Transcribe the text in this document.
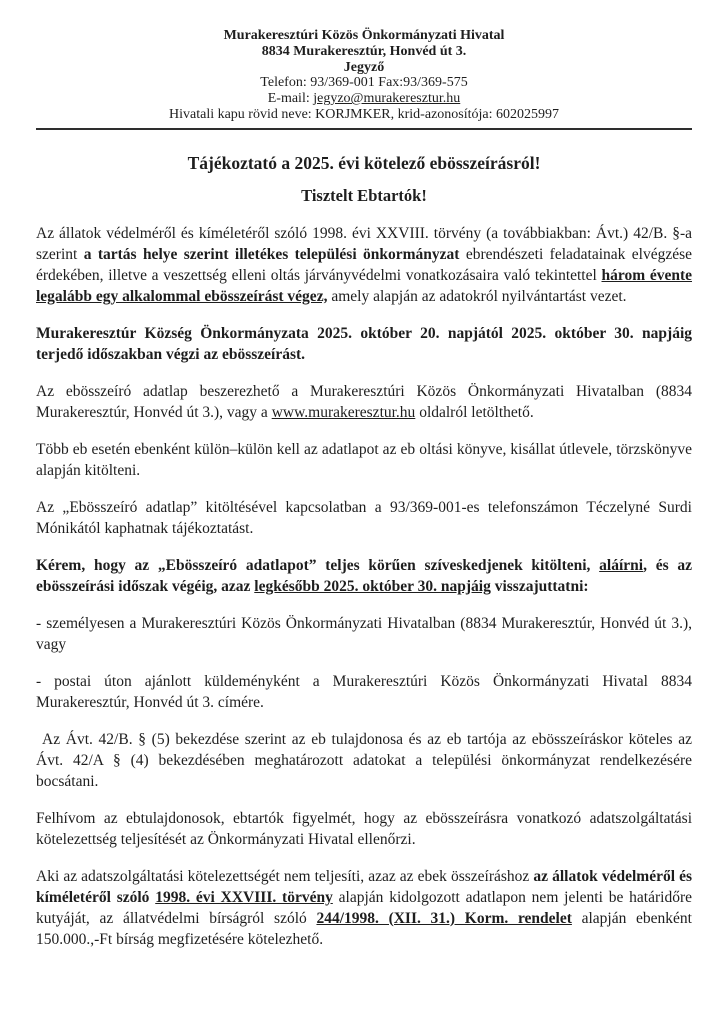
Murakeresztúri Közös Önkormányzati Hivatal
8834 Murakeresztúr, Honvéd út 3.
Jegyző
Telefon: 93/369-001 Fax:93/369-575
E-mail: jegyzo@murakeresztur.hu
Hivatali kapu rövid neve: KORJMKER, krid-azonosítója: 602025997
Tájékoztató a 2025. évi kötelező ebösszeírásról!
Tisztelt Ebtartók!

Az állatok védelméről és kíméletéről szóló 1998. évi XXVIII. törvény (a továbbiakban: Ávt.) 42/B. §-a szerint a tartás helye szerint illetékes települési önkormányzat ebrendészeti feladatainak elvégzése érdekében, illetve a veszettség elleni oltás járványvédelmi vonatkozásaira való tekintettel három évente legalább egy alkalommal ebösszeírást végez, amely alapján az adatokról nyilvántartást vezet.

Murakeresztúr Község Önkormányzata 2025. október 20. napjától 2025. október 30. napjáig terjedő időszakban végzi az ebösszeírást.

Az ebösszeíró adatlap beszerezhető a Murakeresztúri Közös Önkormányzati Hivatalban (8834 Murakeresztúr, Honvéd út 3.), vagy a www.murakeresztur.hu oldalról letölthető.

Több eb esetén ebenként külön–külön kell az adatlapot az eb oltási könyve, kisállat útlevele, törzskönyve alapján kitölteni.

Az „Ebösszeíró adatlap” kitöltésével kapcsolatban a 93/369-001-es telefonszámon Téczelyné Surdi Mónikától kaphatnak tájékoztatást.

Kérem, hogy az „Ebösszeíró adatlapot” teljes körűen szíveskedjenek kitölteni, aláírni, és az ebösszeírási időszak végéig, azaz legkésőbb 2025. október 30. napjáig visszajuttatni:

- személyesen a Murakeresztúri Közös Önkormányzati Hivatalban (8834 Murakeresztúr, Honvéd út 3.), vagy

- postai úton ajánlott küldeményként a Murakeresztúri Közös Önkormányzati Hivatal 8834 Murakeresztúr, Honvéd út 3. címére.

Az Ávt. 42/B. § (5) bekezdése szerint az eb tulajdonosa és az eb tartója az ebösszeíráskor köteles az Ávt. 42/A § (4) bekezdésében meghatározott adatokat a települési önkormányzat rendelkezésére bocsátani.

Felhívom az ebtulajdonosok, ebtartók figyelmét, hogy az ebösszeírásra vonatkozó adatszolgáltatási kötelezettség teljesítését az Önkormányzati Hivatal ellenőrzi.

Aki az adatszolgáltatási kötelezettségét nem teljesíti, azaz az ebek összeíráshoz az állatok védelméről és kíméletéről szóló 1998. évi XXVIII. törvény alapján kidolgozott adatlapon nem jelenti be határidőre kutyáját, az állatvédelmi bírságról szóló 244/1998. (XII. 31.) Korm. rendelet alapján ebenként 150.000.,-Ft bírság megfizetésére kötelezhető.
